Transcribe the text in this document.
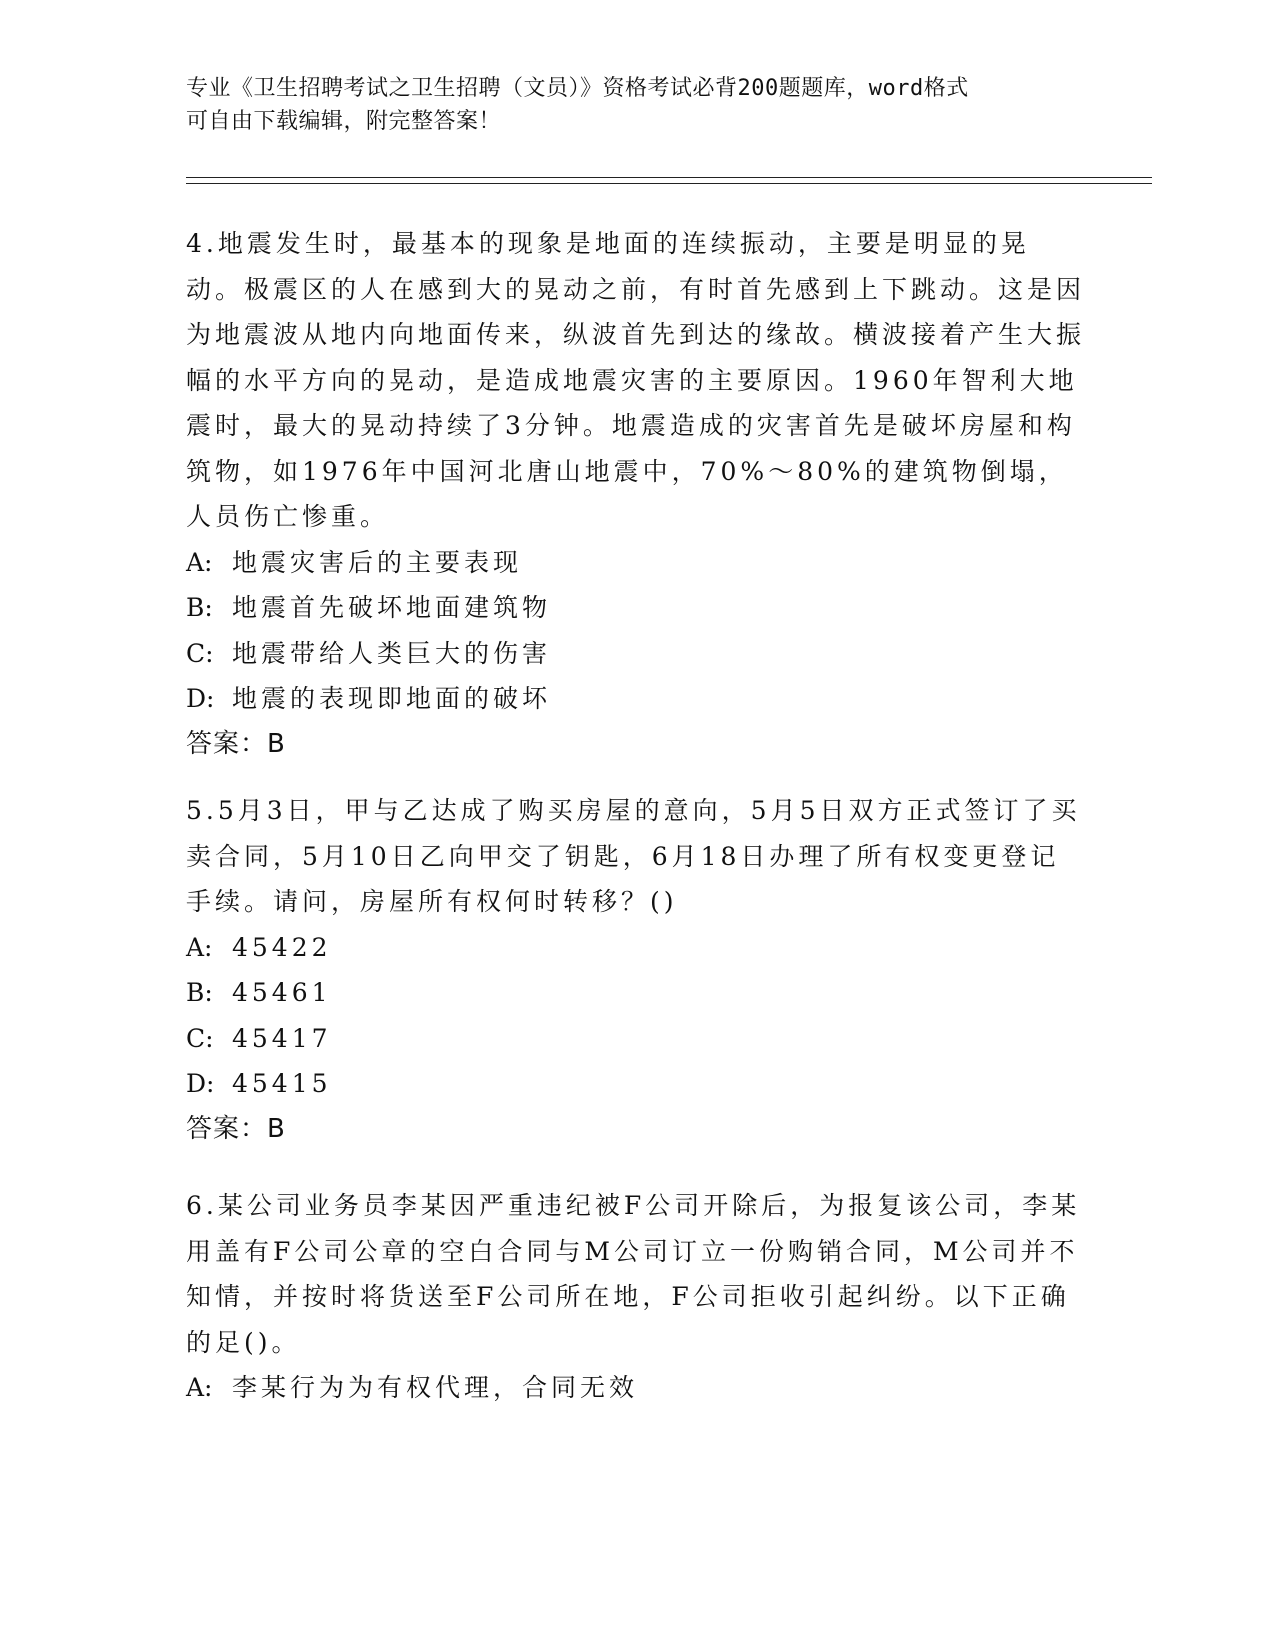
专业《卫生招聘考试之卫生招聘（文员）》资格考试必背200题题库，word格式
可自由下载编辑，附完整答案！

4.地震发生时，最基本的现象是地面的连续振动，主要是明显的晃动。极震区的人在感到大的晃动之前，有时首先感到上下跳动。这是因为地震波从地内向地面传来，纵波首先到达的缘故。横波接着产生大振幅的水平方向的晃动，是造成地震灾害的主要原因。1960年智利大地震时，最大的晃动持续了3分钟。地震造成的灾害首先是破坏房屋和构筑物，如1976年中国河北唐山地震中，70%～80%的建筑物倒塌，人员伤亡惨重。

A: 地震灾害后的主要表现
B: 地震首先破坏地面建筑物
C: 地震带给人类巨大的伤害
D: 地震的表现即地面的破坏
答案：B

5.5月3日，甲与乙达成了购买房屋的意向，5月5日双方正式签订了买卖合同，5月10日乙向甲交了钥匙，6月18日办理了所有权变更登记手续。请问，房屋所有权何时转移？()

A: 45422
B: 45461
C: 45417
D: 45415
答案：B

6.某公司业务员李某因严重违纪被F公司开除后，为报复该公司，李某用盖有F公司公章的空白合同与M公司订立一份购销合同，M公司并不知情，并按时将货送至F公司所在地，F公司拒收引起纠纷。以下正确的足()。

A: 李某行为为有权代理，合同无效
